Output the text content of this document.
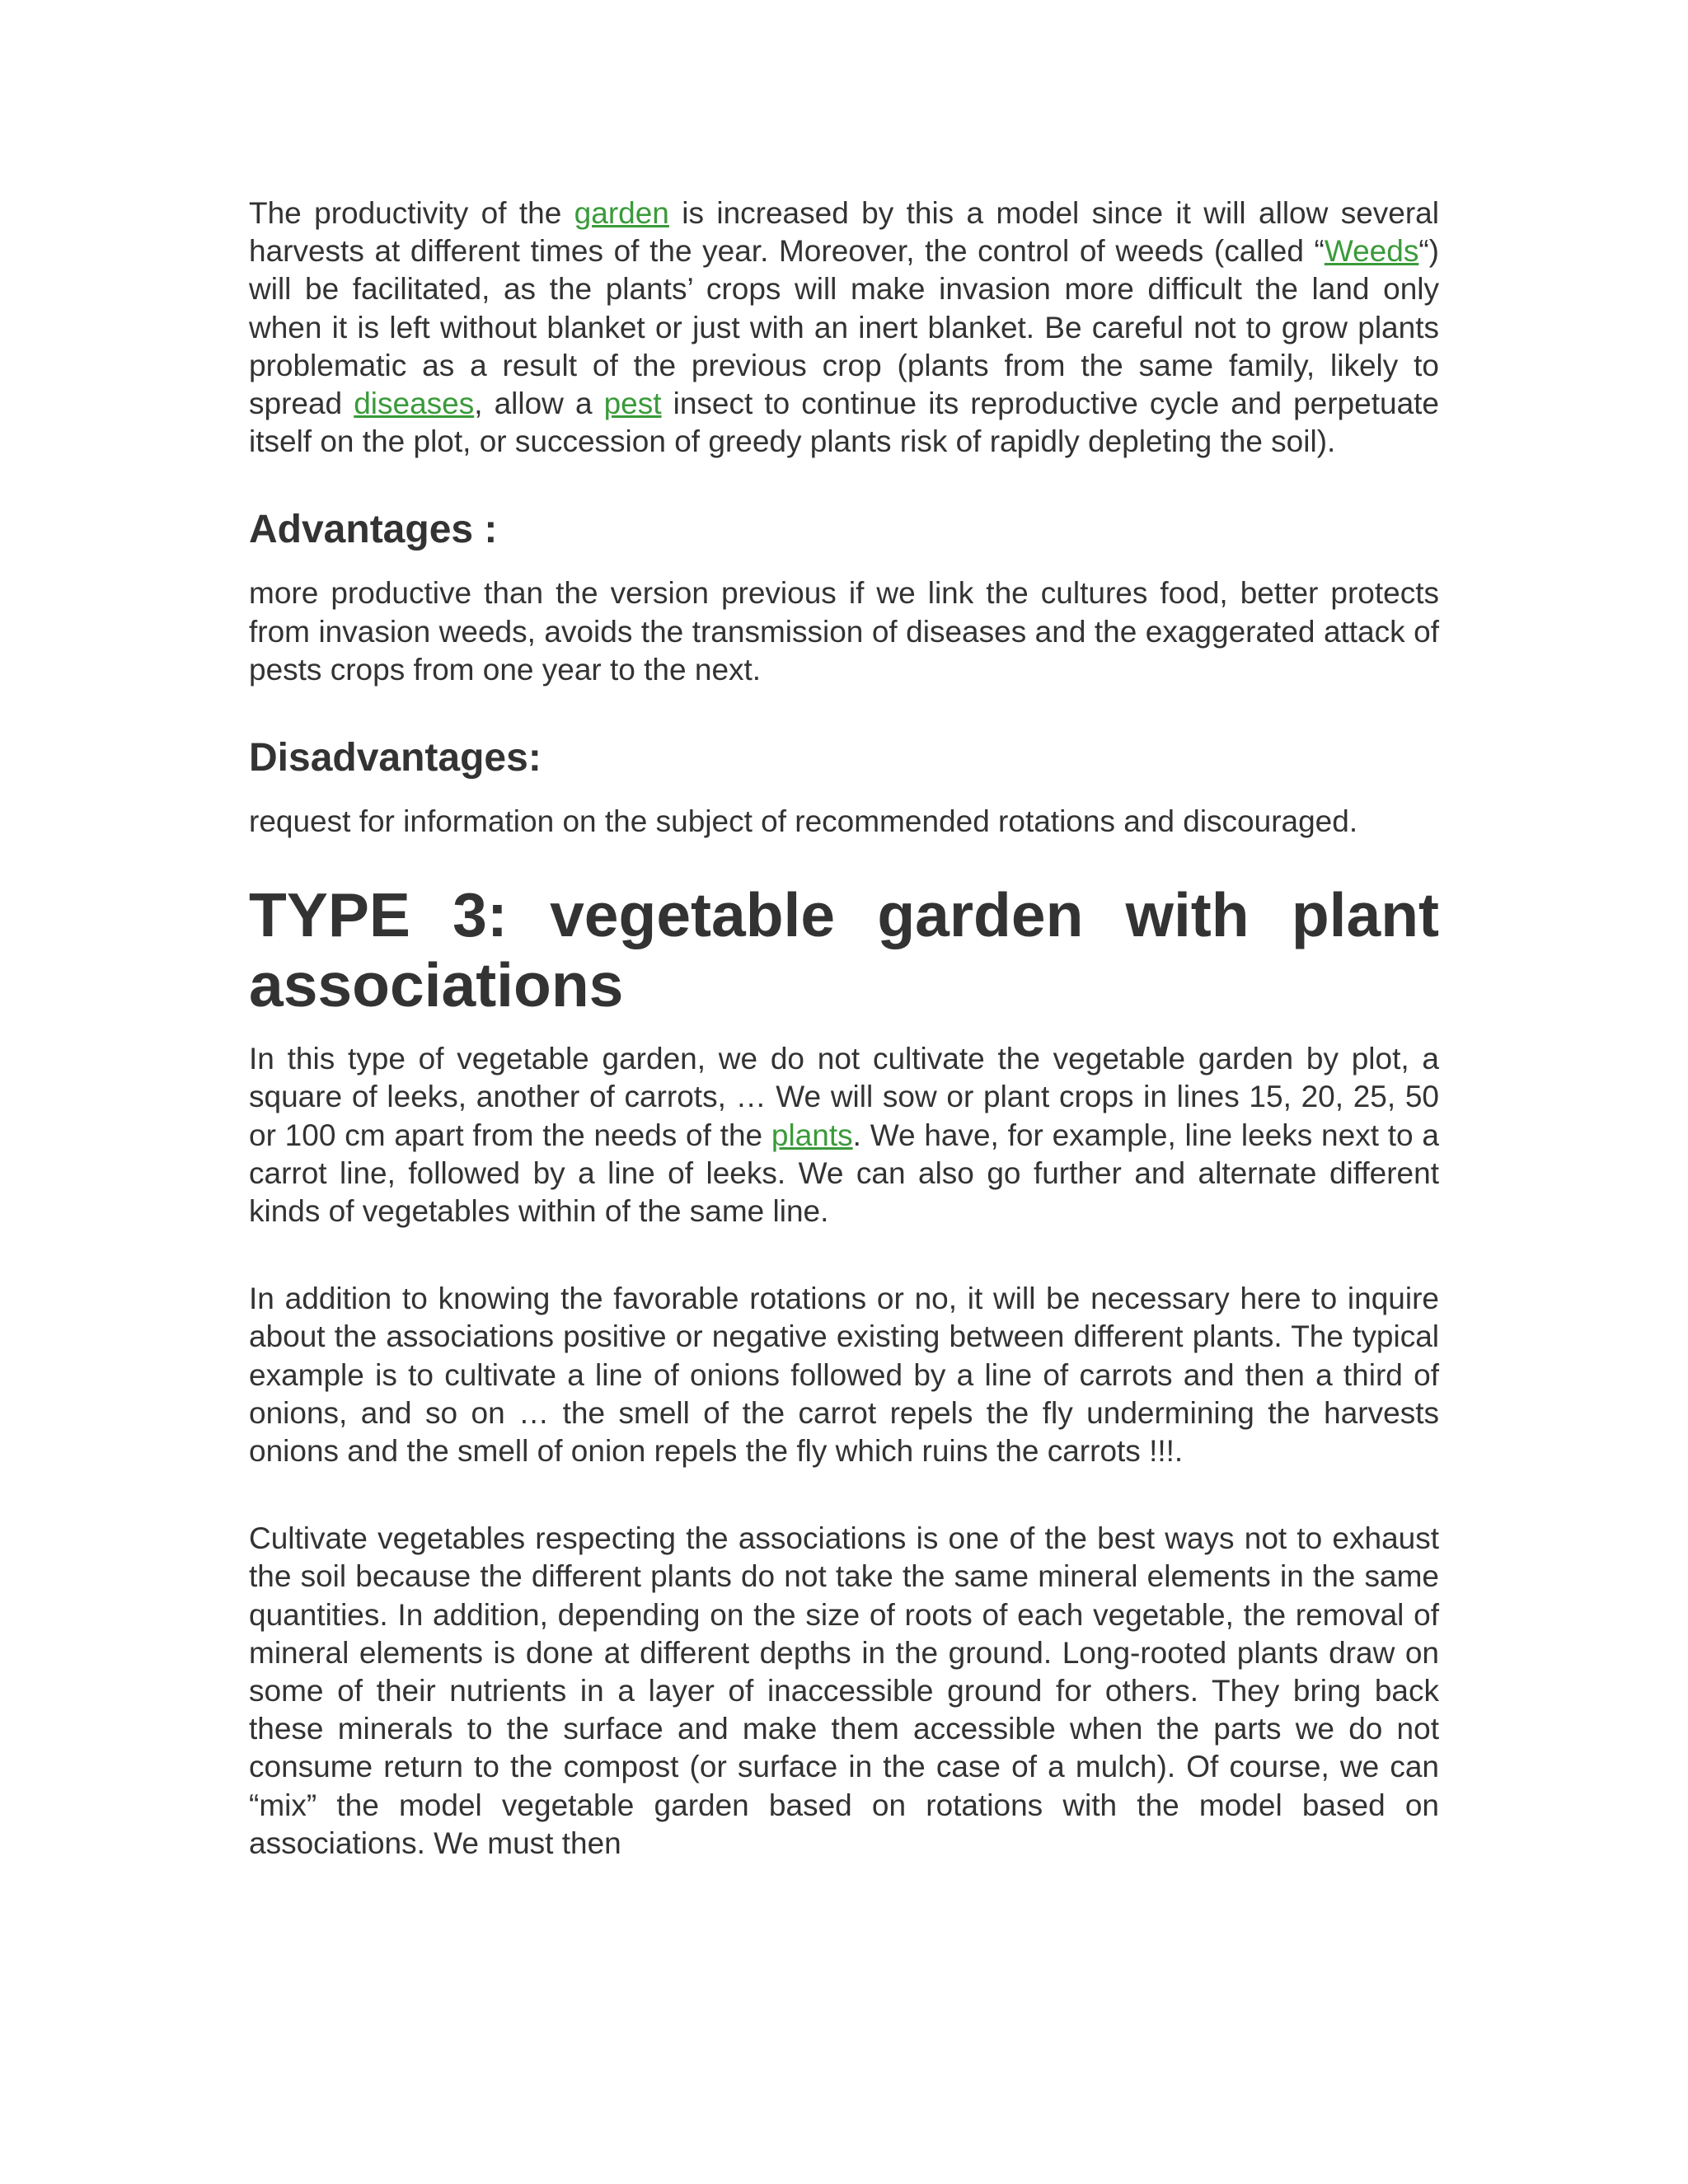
The productivity of the garden is increased by this a model since it will allow several harvests at different times of the year. Moreover, the control of weeds (called “Weeds“) will be facilitated, as the plants’ crops will make invasion more difficult the land only when it is left without blanket or just with an inert blanket. Be careful not to grow plants problematic as a result of the previous crop (plants from the same family, likely to spread diseases, allow a pest insect to continue its reproductive cycle and perpetuate itself on the plot, or succession of greedy plants risk of rapidly depleting the soil).

Advantages :

more productive than the version previous if we link the cultures food, better protects from invasion weeds, avoids the transmission of diseases and the exaggerated attack of pests crops from one year to the next.

Disadvantages:

request for information on the subject of recommended rotations and discouraged.

TYPE 3: vegetable garden with plant associations

In this type of vegetable garden, we do not cultivate the vegetable garden by plot, a square of leeks, another of carrots, … We will sow or plant crops in lines 15, 20, 25, 50 or 100 cm apart from the needs of the plants. We have, for example, line leeks next to a carrot line, followed by a line of leeks. We can also go further and alternate different kinds of vegetables within of the same line.

In addition to knowing the favorable rotations or no, it will be necessary here to inquire about the associations positive or negative existing between different plants. The typical example is to cultivate a line of onions followed by a line of carrots and then a third of onions, and so on … the smell of the carrot repels the fly undermining the harvests onions and the smell of onion repels the fly which ruins the carrots !!!.

Cultivate vegetables respecting the associations is one of the best ways not to exhaust the soil because the different plants do not take the same mineral elements in the same quantities. In addition, depending on the size of roots of each vegetable, the removal of mineral elements is done at different depths in the ground. Long-rooted plants draw on some of their nutrients in a layer of inaccessible ground for others. They bring back these minerals to the surface and make them accessible when the parts we do not consume return to the compost (or surface in the case of a mulch). Of course, we can “mix” the model vegetable garden based on rotations with the model based on associations. We must then
